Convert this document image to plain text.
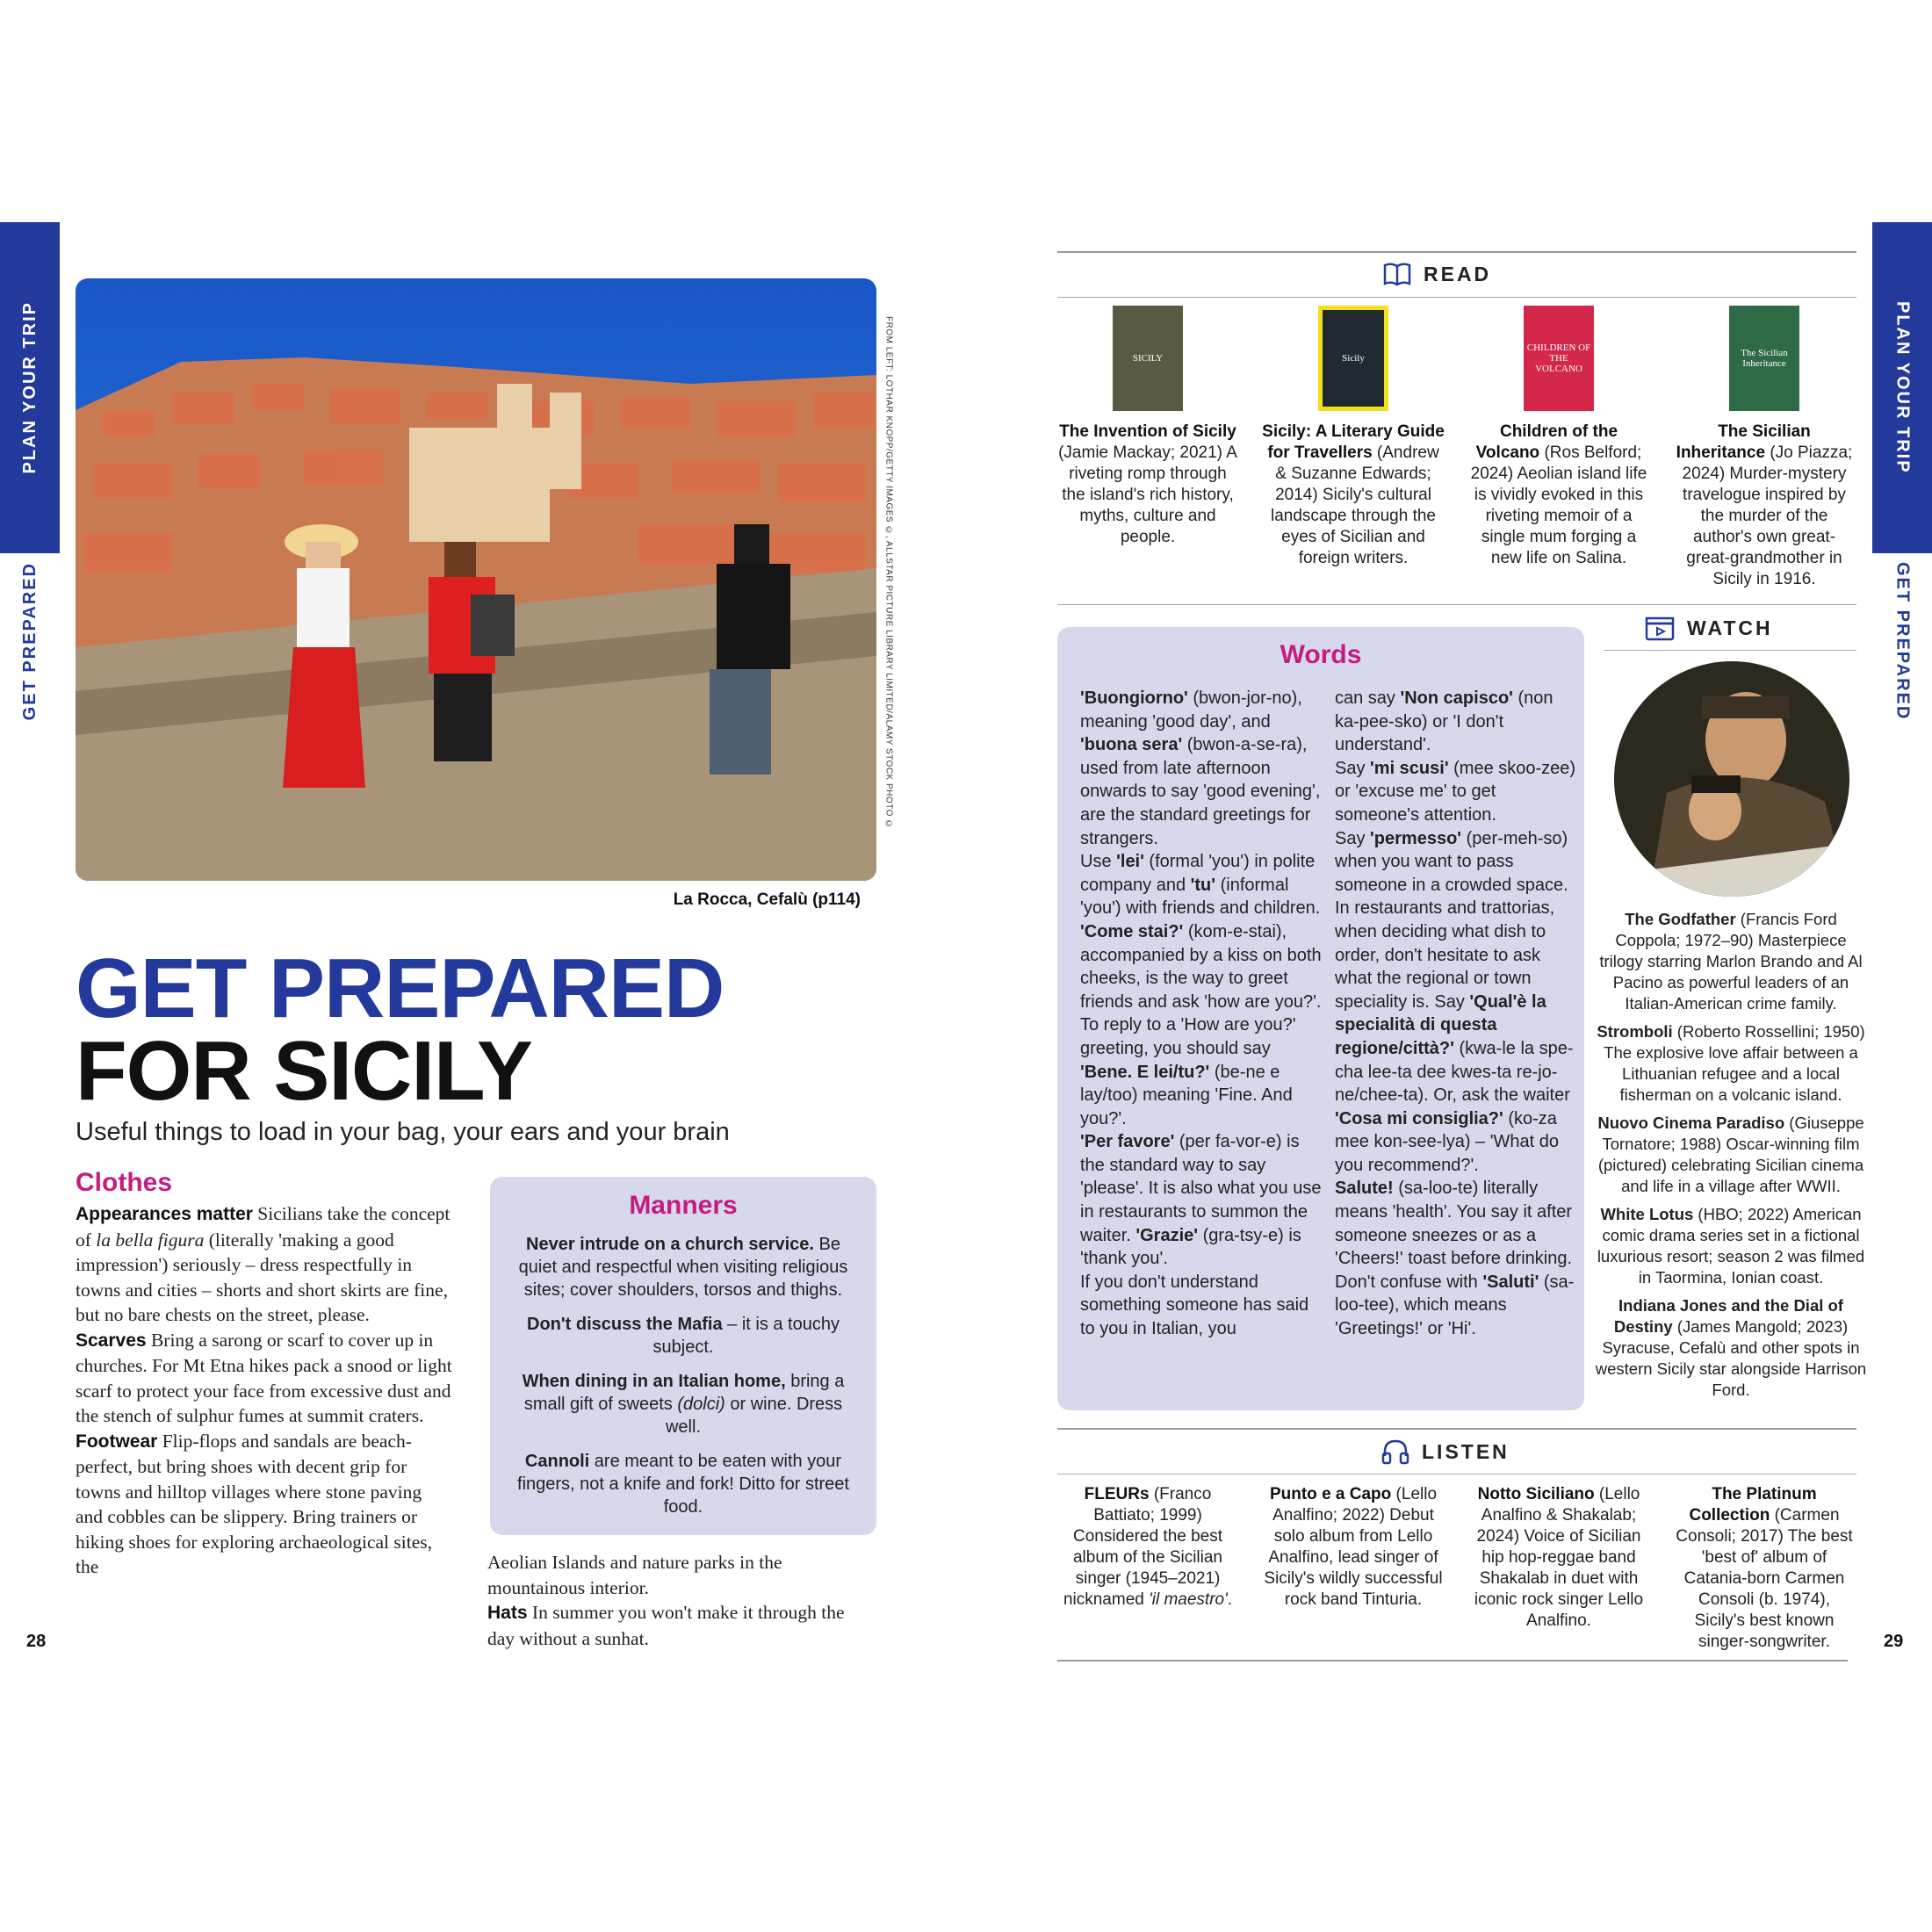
PLAN YOUR TRIP
GET PREPARED
PLAN YOUR TRIP
GET PREPARED
FROM LEFT: LOTHAR KNOPP/GETTY IMAGES ©, ALLSTAR PICTURE LIBRARY LIMITED/ALAMY STOCK PHOTO ©
La Rocca, Cefalù (p114)
GET PREPARED
FOR SICILY
Useful things to load in your bag, your ears and your brain
Clothes
Appearances matter Sicilians take the concept of la bella figura (literally 'making a good impression') seriously – dress respectfully in towns and cities – shorts and short skirts are fine, but no bare chests on the street, please.
Scarves Bring a sarong or scarf to cover up in churches. For Mt Etna hikes pack a snood or light scarf to protect your face from excessive dust and the stench of sulphur fumes at summit craters.
Footwear Flip-flops and sandals are beach-perfect, but bring shoes with decent grip for towns and hilltop villages where stone paving and cobbles can be slippery. Bring trainers or hiking shoes for exploring archaeological sites, the	Aeolian Islands and nature parks in the mountainous interior.
Hats In summer you won't make it through the day without a sunhat.
Manners

Never intrude on a church service. Be quiet and respectful when visiting religious sites; cover shoulders, torsos and thighs.

Don't discuss the Mafia – it is a touchy subject.

When dining in an Italian home, bring a small gift of sweets (dolci) or wine. Dress well.

Cannoli are meant to be eaten with your fingers, not a knife and fork! Ditto for street food.

28	29
READ
SICILY
The Invention of Sicily (Jamie Mackay; 2021) A riveting romp through the island's rich history, myths, culture and people.
Sicily
Sicily: A Literary Guide for Travellers (Andrew & Suzanne Edwards; 2014) Sicily's cultural landscape through the eyes of Sicilian and foreign writers.
CHILDREN OF THE VOLCANO
Children of the Volcano (Ros Belford; 2024) Aeolian island life is vividly evoked in this riveting memoir of a single mum forging a new life on Salina.
The Sicilian Inheritance
The Sicilian Inheritance (Jo Piazza; 2024) Murder-mystery travelogue inspired by the murder of the author's own great-great-grandmother in Sicily in 1916.
Words
'Buongiorno' (bwon-jor-no), meaning 'good day', and 'buona sera' (bwon-a-se-ra), used from late afternoon onwards to say 'good evening', are the standard greetings for strangers.
Use 'lei' (formal 'you') in polite company and 'tu' (informal 'you') with friends and children.
'Come stai?' (kom-e-stai), accompanied by a kiss on both cheeks, is the way to greet friends and ask 'how are you?'.
To reply to a 'How are you?' greeting, you should say 'Bene. E lei/tu?' (be-ne e lay/too) meaning 'Fine. And you?'.
'Per favore' (per fa-vor-e) is the standard way to say 'please'. It is also what you use in restaurants to summon the waiter. 'Grazie' (gra-tsy-e) is 'thank you'.
If you don't understand something someone has said to you in Italian, you
can say 'Non capisco' (non ka-pee-sko) or 'I don't understand'.
Say 'mi scusi' (mee skoo-zee) or 'excuse me' to get someone's attention.
Say 'permesso' (per-meh-so) when you want to pass someone in a crowded space.
In restaurants and trattorias, when deciding what dish to order, don't hesitate to ask what the regional or town speciality is. Say 'Qual'è la specialità di questa regione/città?' (kwa-le la spe-cha lee-ta dee kwes-ta re-jo-ne/chee-ta). Or, ask the waiter 'Cosa mi consiglia?' (ko-za mee kon-see-lya) – 'What do you recommend?'.
Salute! (sa-loo-te) literally means 'health'. You say it after someone sneezes or as a 'Cheers!' toast before drinking. Don't confuse with 'Saluti' (sa-loo-tee), which means 'Greetings!' or 'Hi'.
WATCH

The Godfather (Francis Ford Coppola; 1972–90) Masterpiece trilogy starring Marlon Brando and Al Pacino as powerful leaders of an Italian-American crime family.

Stromboli (Roberto Rossellini; 1950) The explosive love affair between a Lithuanian refugee and a local fisherman on a volcanic island.

Nuovo Cinema Paradiso (Giuseppe Tornatore; 1988) Oscar-winning film (pictured) celebrating Sicilian cinema and life in a village after WWII.

White Lotus (HBO; 2022) American comic drama series set in a fictional luxurious resort; season 2 was filmed in Taormina, Ionian coast.

Indiana Jones and the Dial of Destiny (James Mangold; 2023) Syracuse, Cefalù and other spots in western Sicily star alongside Harrison Ford.

LISTEN
FLEURs (Franco Battiato; 1999) Considered the best album of the Sicilian singer (1945–2021) nicknamed 'il maestro'.
Punto e a Capo (Lello Analfino; 2022) Debut solo album from Lello Analfino, lead singer of Sicily's wildly successful rock band Tinturia.
Notto Siciliano (Lello Analfino & Shakalab; 2024) Voice of Sicilian hip hop-reggae band Shakalab in duet with iconic rock singer Lello Analfino.
The Platinum Collection (Carmen Consoli; 2017) The best 'best of' album of Catania-born Carmen Consoli (b. 1974), Sicily's best known singer-songwriter.
